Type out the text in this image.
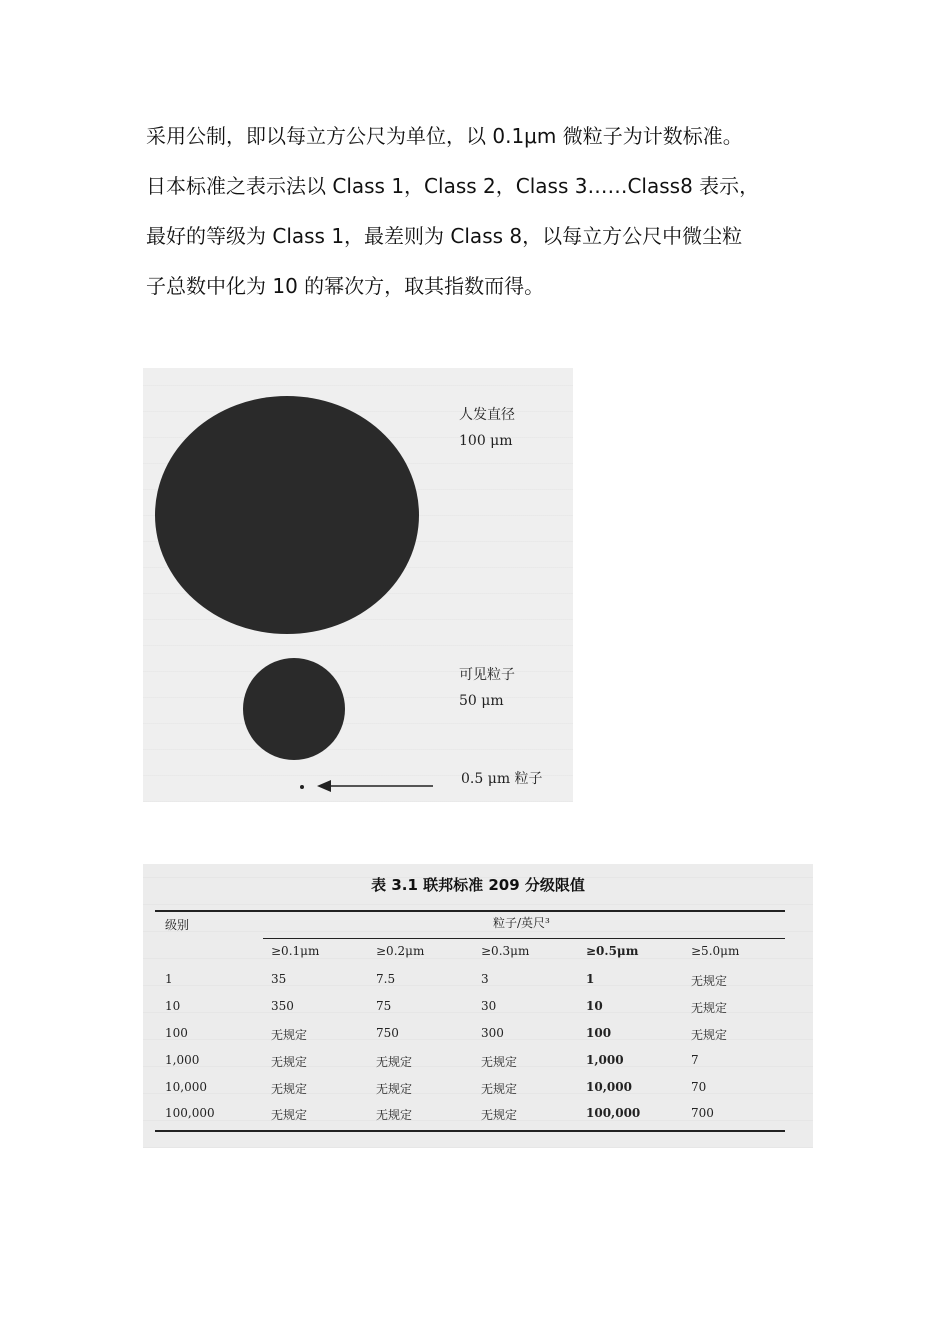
采用公制，即以每立方公尺为单位，以 0.1μm 微粒子为计数标准。

日本标准之表示法以 Class 1，Class 2，Class 3……Class8 表示，

最好的等级为 Class 1，最差则为 Class 8，以每立方公尺中微尘粒

子总数中化为 10 的幂次方，取其指数而得。

人发直径
100 μm
可见粒子
50 μm
0.5 μm 粒子
表 3.1 联邦标准 209 分级限值
级别	粒子/英尺³
≥0.1μm	≥0.2μm	≥0.3μm	≥0.5μm	≥5.0μm
1	35	7.5	3	1	无规定
10	350	75	30	10	无规定
100	无规定	750	300	100	无规定
1,000	无规定	无规定	无规定	1,000	7
10,000	无规定	无规定	无规定	10,000	70
100,000	无规定	无规定	无规定	100,000	700
